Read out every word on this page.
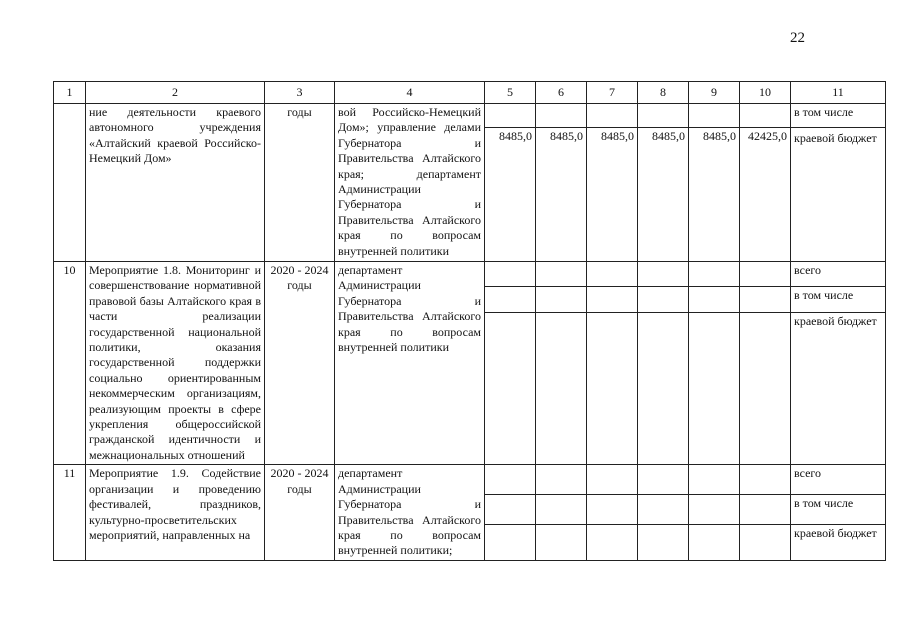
22
1	2	3	4	5	6	7	8	9	10	11
	ние деятельности краевого автономного учреждения «Алтайский краевой Российско-Немецкий Дом»	годы	вой Российско-Немецкий Дом»; управление делами Губернатора и Правительства Алтайского края; департамент Администрации Губернатора и Правительства Алтайского края по вопросам внутренней политики							в том числе
				8485,0	8485,0	8485,0	8485,0	8485,0	42425,0	краевой бюджет
10	Мероприятие 1.8. Мониторинг и совершенствование нормативной правовой базы Алтайского края в части реализации государственной национальной политики, оказания государственной поддержки социально ориентированным некоммерческим организациям, реализующим проекты в сфере укрепления общероссийской гражданской идентичности и межнациональных отношений	2020 - 2024 годы	департамент Администрации Губернатора и Правительства Алтайского края по вопросам внутренней политики							всего
										в том числе
										краевой бюджет
11	Мероприятие 1.9. Содействие организации и проведению фестивалей, праздников, культурно-просветительских мероприятий, направленных на	2020 - 2024 годы	департамент Администрации Губернатора и Правительства Алтайского края по вопросам внутренней политики;							всего
										в том числе
										краевой бюджет
